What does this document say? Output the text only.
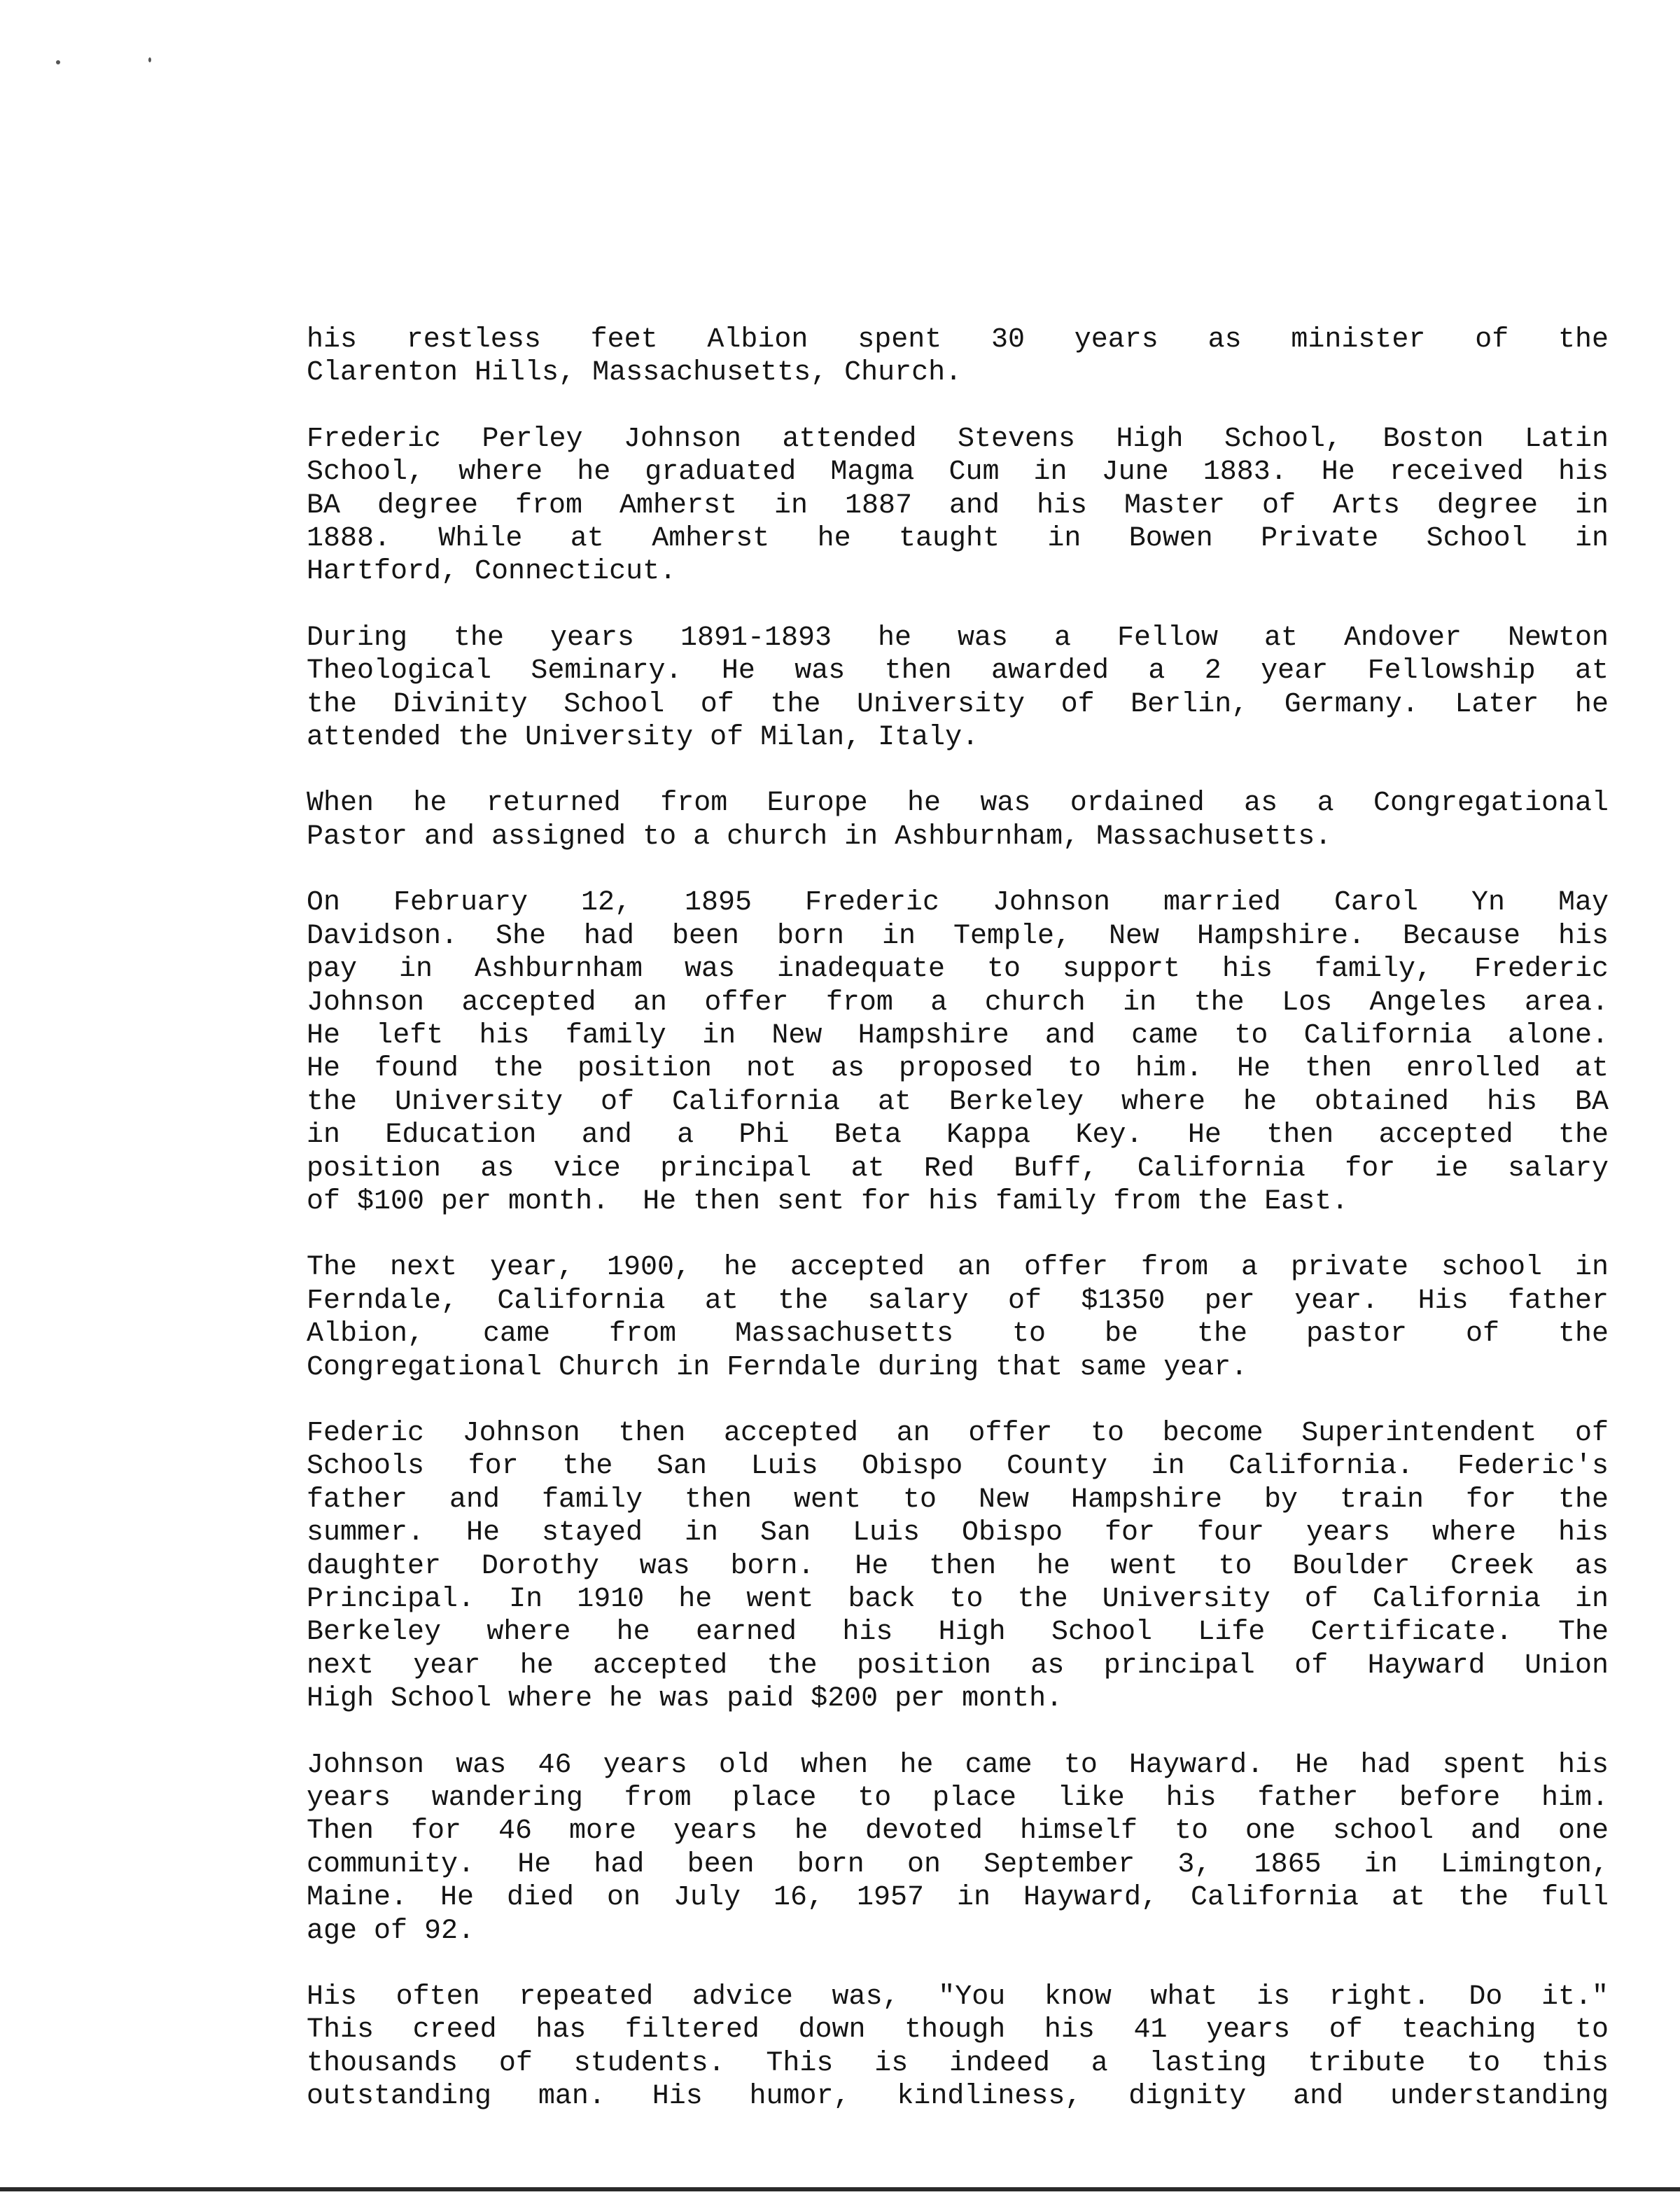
his restless feet Albion spent 30 years as minister of the
Clarenton Hills, Massachusetts, Church.

Frederic Perley Johnson attended Stevens High School, Boston Latin
School, where he graduated Magma Cum in June 1883. He received his
BA degree from Amherst in 1887 and his Master of Arts degree in
1888. While at Amherst he taught in Bowen Private School in
Hartford, Connecticut.

During the years 1891-1893 he was a Fellow at Andover Newton
Theological Seminary. He was then awarded a 2 year Fellowship at
the Divinity School of the University of Berlin, Germany. Later he
attended the University of Milan, Italy.

When he returned from Europe he was ordained as a Congregational
Pastor and assigned to a church in Ashburnham, Massachusetts.

On February 12, 1895 Frederic Johnson married Carol Yn May
Davidson. She had been born in Temple, New Hampshire. Because his
pay in Ashburnham was inadequate to support his family, Frederic
Johnson accepted an offer from a church in the Los Angeles area.
He left his family in New Hampshire and came to California alone.
He found the position not as proposed to him. He then enrolled at
the University of California at Berkeley where he obtained his BA
in Education and a Phi Beta Kappa Key. He then accepted the
position as vice principal at Red Buff, California for ie salary
of $100 per month.  He then sent for his family from the East.

The next year, 1900, he accepted an offer from a private school in
Ferndale, California at the salary of $1350 per year. His father
Albion, came from Massachusetts to be the pastor of the
Congregational Church in Ferndale during that same year.

Federic Johnson then accepted an offer to become Superintendent of
Schools for the San Luis Obispo County in California. Federic's
father and family then went to New Hampshire by train for the
summer. He stayed in San Luis Obispo for four years where his
daughter Dorothy was born. He then he went to Boulder Creek as
Principal. In 1910 he went back to the University of California in
Berkeley where he earned his High School Life Certificate. The
next year he accepted the position as principal of Hayward Union
High School where he was paid $200 per month.

Johnson was 46 years old when he came to Hayward. He had spent his
years wandering from place to place like his father before him.
Then for 46 more years he devoted himself to one school and one
community. He had been born on September 3, 1865 in Limington,
Maine. He died on July 16, 1957 in Hayward, California at the full
age of 92.

His often repeated advice was, "You know what is right. Do it."
This creed has filtered down though his 41 years of teaching to
thousands of students. This is indeed a lasting tribute to this
outstanding man. His humor, kindliness, dignity and understanding
